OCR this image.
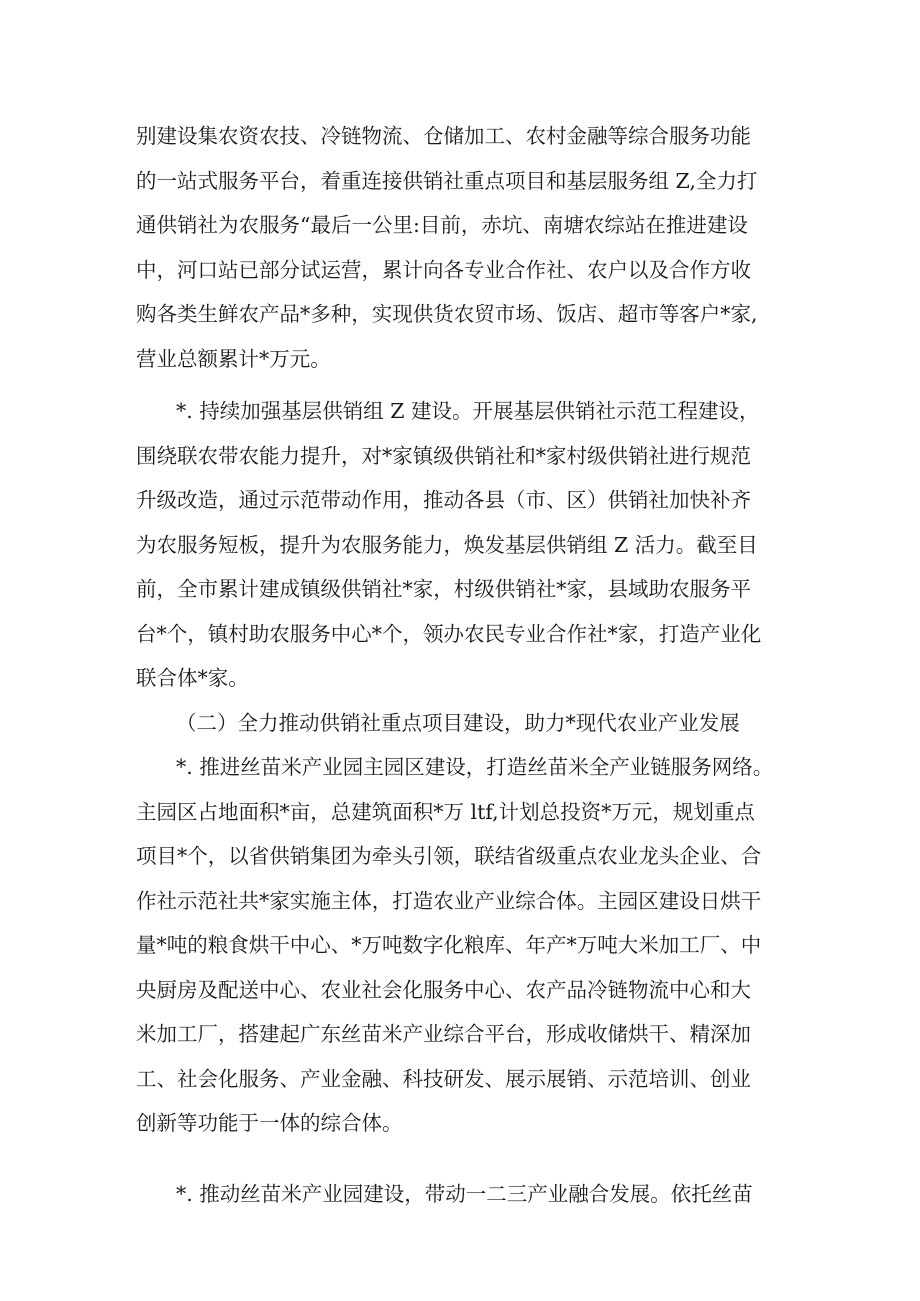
别建设集农资农技、冷链物流、仓储加工、农村金融等综合服务功能
的一站式服务平台，着重连接供销社重点项目和基层服务组 Z,全力打
通供销社为农服务“最后一公里:目前，赤坑、南塘农综站在推进建设
中，河口站已部分试运营，累计向各专业合作社、农户以及合作方收
购各类生鲜农产品*多种，实现供货农贸市场、饭店、超市等客户*家,
营业总额累计*万元。
*. 持续加强基层供销组 Z 建设。开展基层供销社示范工程建设，
围绕联农带农能力提升，对*家镇级供销社和*家村级供销社进行规范
升级改造，通过示范带动作用，推动各县（市、区）供销社加快补齐
为农服务短板，提升为农服务能力，焕发基层供销组 Z 活力。截至目
前，全市累计建成镇级供销社*家，村级供销社*家，县域助农服务平
台*个，镇村助农服务中心*个，领办农民专业合作社*家，打造产业化
联合体*家。
（二）全力推动供销社重点项目建设，助力*现代农业产业发展
*. 推进丝苗米产业园主园区建设，打造丝苗米全产业链服务网络。
主园区占地面积*亩，总建筑面积*万 ltf,计划总投资*万元，规划重点
项目*个，以省供销集团为牵头引领，联结省级重点农业龙头企业、合
作社示范社共*家实施主体，打造农业产业综合体。主园区建设日烘干
量*吨的粮食烘干中心、*万吨数字化粮库、年产*万吨大米加工厂、中
央厨房及配送中心、农业社会化服务中心、农产品冷链物流中心和大
米加工厂，搭建起广东丝苗米产业综合平台，形成收储烘干、精深加
工、社会化服务、产业金融、科技研发、展示展销、示范培训、创业
创新等功能于一体的综合体。
*. 推动丝苗米产业园建设，带动一二三产业融合发展。依托丝苗
